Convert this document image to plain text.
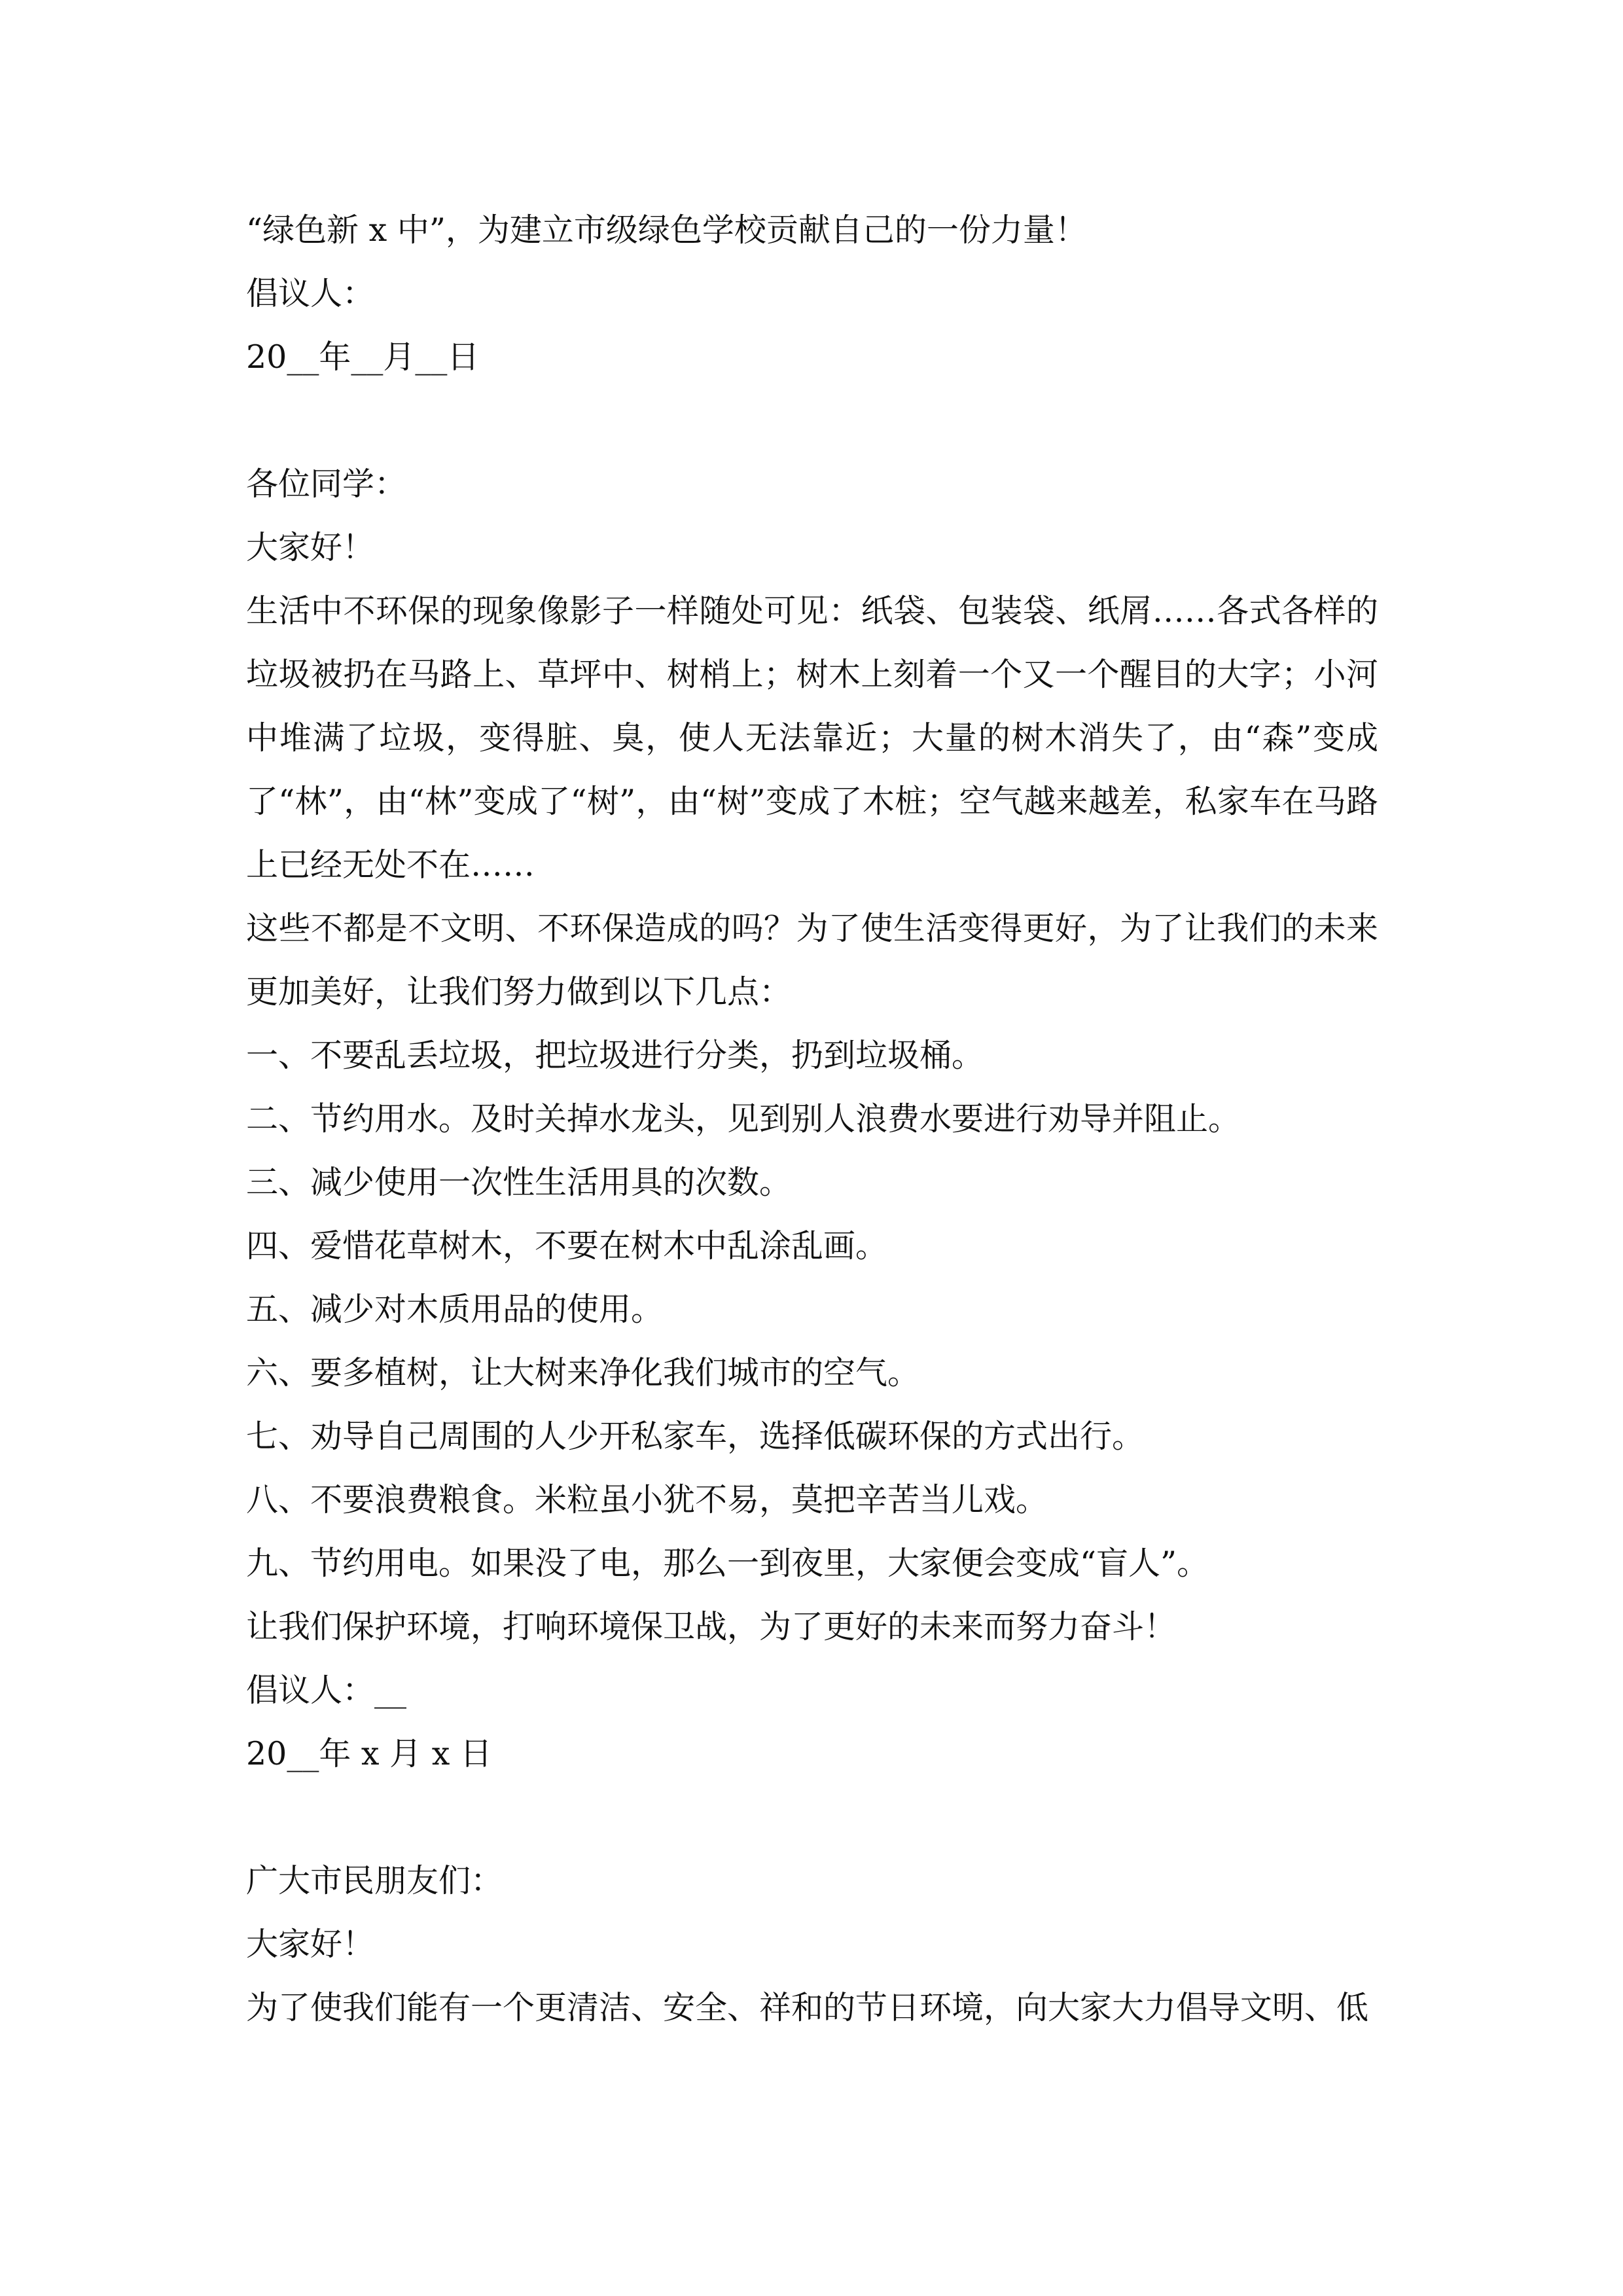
“绿色新 x 中”，为建立市级绿色学校贡献自己的一份力量！

倡议人：

20__年__月__日

各位同学：

大家好！

生活中不环保的现象像影子一样随处可见：纸袋、包装袋、纸屑……各式各样的垃圾被扔在马路上、草坪中、树梢上；树木上刻着一个又一个醒目的大字；小河中堆满了垃圾，变得脏、臭，使人无法靠近；大量的树木消失了，由“森”变成了“林”，由“林”变成了“树”，由“树”变成了木桩；空气越来越差，私家车在马路上已经无处不在……

这些不都是不文明、不环保造成的吗？为了使生活变得更好，为了让我们的未来更加美好，让我们努力做到以下几点：

一、不要乱丢垃圾，把垃圾进行分类，扔到垃圾桶。

二、节约用水。及时关掉水龙头，见到别人浪费水要进行劝导并阻止。

三、减少使用一次性生活用具的次数。

四、爱惜花草树木，不要在树木中乱涂乱画。

五、减少对木质用品的使用。

六、要多植树，让大树来净化我们城市的空气。

七、劝导自己周围的人少开私家车，选择低碳环保的方式出行。

八、不要浪费粮食。米粒虽小犹不易，莫把辛苦当儿戏。

九、节约用电。如果没了电，那么一到夜里，大家便会变成“盲人”。

让我们保护环境，打响环境保卫战，为了更好的未来而努力奋斗！

倡议人：__

20__年 x 月 x 日

广大市民朋友们：

大家好！

为了使我们能有一个更清洁、安全、祥和的节日环境，向大家大力倡导文明、低
